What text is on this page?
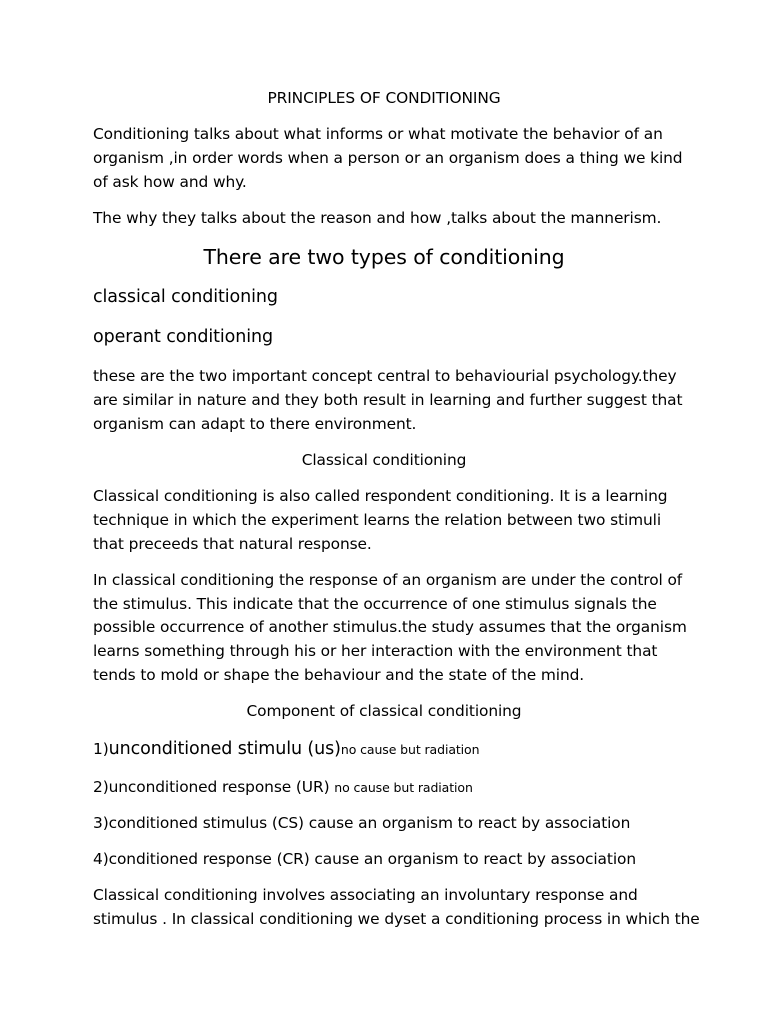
PRINCIPLES OF CONDITIONING

Conditioning talks about what informs or what motivate the behavior of an

organism ,in order words when a person or an organism does a thing we kind

of ask how and why.

The why they talks about the reason and how ,talks about the mannerism.

There are two types of conditioning

classical conditioning

operant conditioning

these are the two important concept central to behaviourial psychology.they

are similar in nature and they both result in learning and further suggest that

organism can adapt to there environment.

Classical conditioning

Classical conditioning is also called respondent conditioning. It is a learning

technique in which the experiment learns the relation between two stimuli

that preceeds that natural response.

In classical conditioning the response of an organism are under the control of

the stimulus. This indicate that the occurrence of one stimulus signals the

possible occurrence of another stimulus.the study assumes that the organism

learns something through his or her interaction with the environment that

tends to mold or shape the behaviour and the state of the mind.

Component of classical conditioning

1)unconditioned stimulu (us)no cause but radiation

2)unconditioned response (UR) no cause but radiation

3)conditioned stimulus (CS) cause an organism to react by association

4)conditioned response (CR) cause an organism to react by association

Classical conditioning involves associating an involuntary response and

stimulus . In classical conditioning we dyset a conditioning process in which the
